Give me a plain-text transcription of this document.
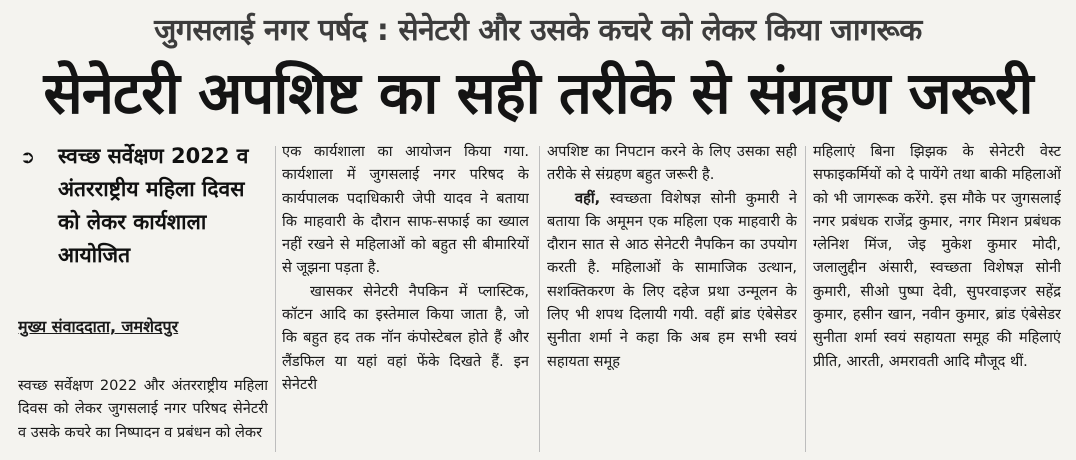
जुगसलाई नगर पर्षद : सेनेटरी और उसके कचरे को लेकर किया जागरूक
सेनेटरी अपशिष्ट का सही तरीके से संग्रहण जरूरी
➲ स्वच्छ सर्वेक्षण 2022 व अंतरराष्ट्रीय महिला दिवस को लेकर कार्यशाला आयोजित
मुख्य संवाददाता, जमशेदपुर

स्वच्छ सर्वेक्षण 2022 और अंतरराष्ट्रीय महिला दिवस को लेकर जुगसलाई नगर परिषद सेनेटरी व उसके कचरे का निष्पादन व प्रबंधन को लेकर

एक कार्यशाला का आयोजन किया गया. कार्यशाला में जुगसलाई नगर परिषद के कार्यपालक पदाधिकारी जेपी यादव ने बताया कि माहवारी के दौरान साफ-सफाई का ख्याल नहीं रखने से महिलाओं को बहुत सी बीमारियों से जूझना पड़ता है.

खासकर सेनेटरी नैपकिन में प्लास्टिक, कॉटन आदि का इस्तेमाल किया जाता है, जो कि बहुत हद तक नॉन कंपोस्टेबल होते हैं और लैंडफिल या यहां वहां फेंके दिखते हैं. इन सेनेटरी

अपशिष्ट का निपटान करने के लिए उसका सही तरीके से संग्रहण बहुत जरूरी है.

वहीं, स्वच्छता विशेषज्ञ सोनी कुमारी ने बताया कि अमूमन एक महिला एक माहवारी के दौरान सात से आठ सेनेटरी नैपकिन का उपयोग करती है. महिलाओं के सामाजिक उत्थान, सशक्तिकरण के लिए दहेज प्रथा उन्मूलन के लिए भी शपथ दिलायी गयी. वहीं ब्रांड एंबेसेडर सुनीता शर्मा ने कहा कि अब हम सभी स्वयं सहायता समूह

महिलाएं बिना झिझक के सेनेटरी वेस्ट सफाइकर्मियों को दे पायेंगे तथा बाकी महिलाओं को भी जागरूक करेंगे. इस मौके पर जुगसलाई नगर प्रबंधक राजेंद्र कुमार, नगर मिशन प्रबंधक ग्लेनिश मिंज, जेइ मुकेश कुमार मोदी, जलालुद्दीन अंसारी, स्वच्छता विशेषज्ञ सोनी कुमारी, सीओ पुष्पा देवी, सुपरवाइजर सहेंद्र कुमार, हसीन खान, नवीन कुमार, ब्रांड एंबेसेडर सुनीता शर्मा स्वयं सहायता समूह की महिलाएं प्रीति, आरती, अमरावती आदि मौजूद थीं.
